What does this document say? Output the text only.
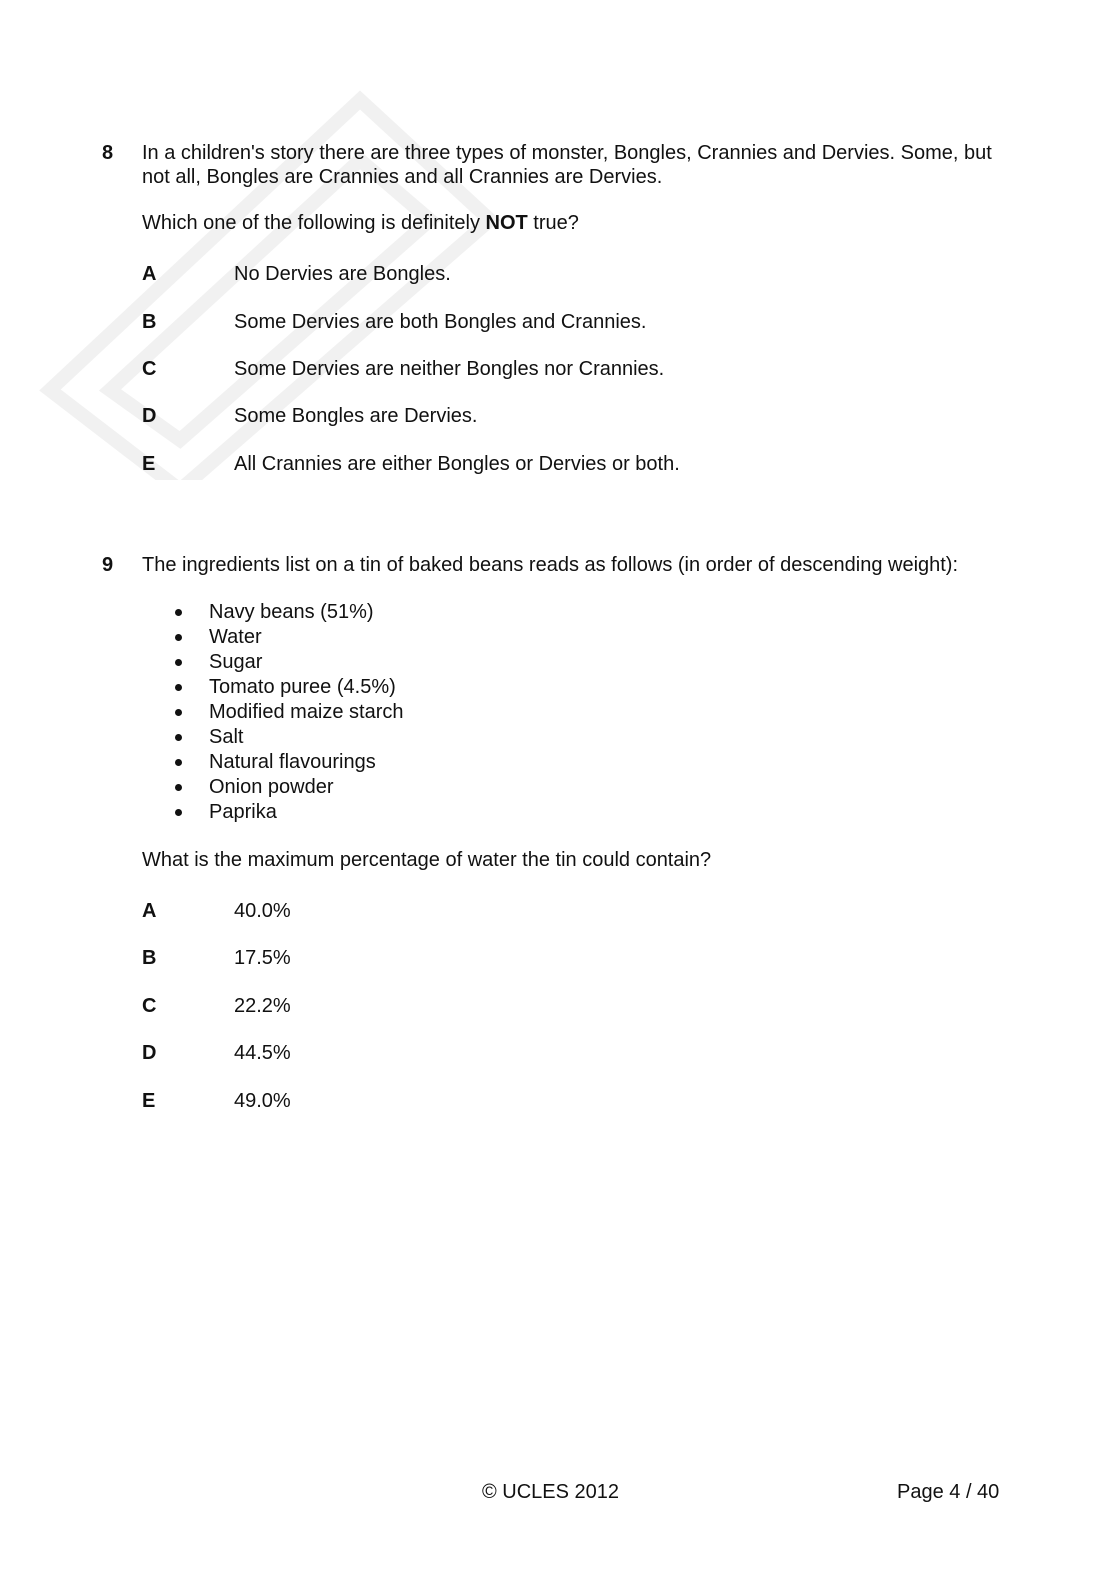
8 In a children's story there are three types of monster, Bongles, Crannies and Dervies. Some, but not all, Bongles are Crannies and all Crannies are Dervies.
Which one of the following is definitely NOT true?
A	No Dervies are Bongles.
B	Some Dervies are both Bongles and Crannies.
C	Some Dervies are neither Bongles nor Crannies.
D	Some Bongles are Dervies.
E	All Crannies are either Bongles or Dervies or both.
9 The ingredients list on a tin of baked beans reads as follows (in order of descending weight):
Navy beans (51%)
Water
Sugar
Tomato puree (4.5%)
Modified maize starch
Salt
Natural flavourings
Onion powder
Paprika
What is the maximum percentage of water the tin could contain?
A	40.0%
B	17.5%
C	22.2%
D	44.5%
E	49.0%
© UCLES 2012	Page 4 / 40
